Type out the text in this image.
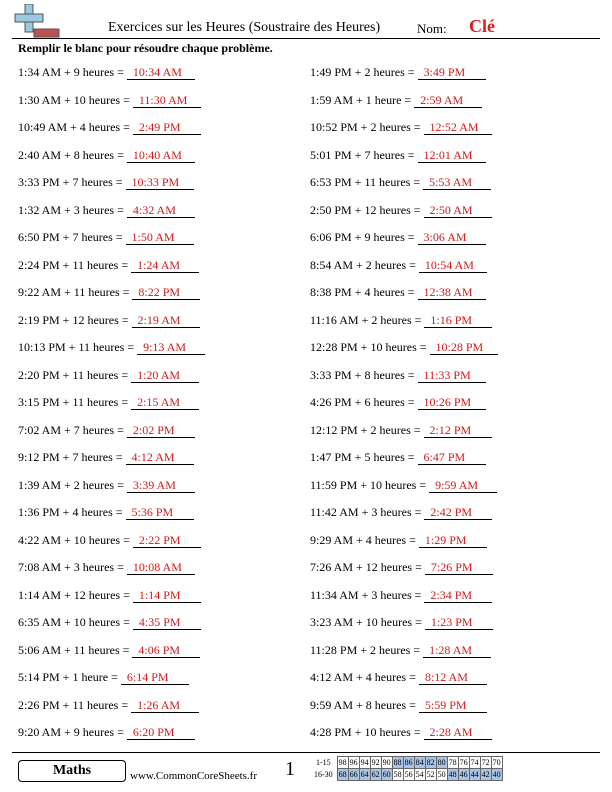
Exercices sur les Heures (Soustraire des Heures)	Nom: Clé
Remplir le blanc pour résoudre chaque problème.
1:34 AM + 9 heures = 10:34 AM
1:30 AM + 10 heures = 11:30 AM
10:49 AM + 4 heures = 2:49 PM
2:40 AM + 8 heures = 10:40 AM
3:33 PM + 7 heures = 10:33 PM
1:32 AM + 3 heures = 4:32 AM
6:50 PM + 7 heures = 1:50 AM
2:24 PM + 11 heures = 1:24 AM
9:22 AM + 11 heures = 8:22 PM
2:19 PM + 12 heures = 2:19 AM
10:13 PM + 11 heures = 9:13 AM
2:20 PM + 11 heures = 1:20 AM
3:15 PM + 11 heures = 2:15 AM
7:02 AM + 7 heures = 2:02 PM
9:12 PM + 7 heures = 4:12 AM
1:39 AM + 2 heures = 3:39 AM
1:36 PM + 4 heures = 5:36 PM
4:22 AM + 10 heures = 2:22 PM
7:08 AM + 3 heures = 10:08 AM
1:14 AM + 12 heures = 1:14 PM
6:35 AM + 10 heures = 4:35 PM
5:06 AM + 11 heures = 4:06 PM
5:14 PM + 1 heure = 6:14 PM
2:26 PM + 11 heures = 1:26 AM
9:20 AM + 9 heures = 6:20 PM
1:49 PM + 2 heures = 3:49 PM
1:59 AM + 1 heure = 2:59 AM
10:52 PM + 2 heures = 12:52 AM
5:01 PM + 7 heures = 12:01 AM
6:53 PM + 11 heures = 5:53 AM
2:50 PM + 12 heures = 2:50 AM
6:06 PM + 9 heures = 3:06 AM
8:54 AM + 2 heures = 10:54 AM
8:38 PM + 4 heures = 12:38 AM
11:16 AM + 2 heures = 1:16 PM
12:28 PM + 10 heures = 10:28 PM
3:33 PM + 8 heures = 11:33 PM
4:26 PM + 6 heures = 10:26 PM
12:12 PM + 2 heures = 2:12 PM
1:47 PM + 5 heures = 6:47 PM
11:59 PM + 10 heures = 9:59 AM
11:42 AM + 3 heures = 2:42 PM
9:29 AM + 4 heures = 1:29 PM
7:26 AM + 12 heures = 7:26 PM
11:34 AM + 3 heures = 2:34 PM
3:23 AM + 10 heures = 1:23 PM
11:28 PM + 2 heures = 1:28 AM
4:12 AM + 4 heures = 8:12 AM
9:59 AM + 8 heures = 5:59 PM
4:28 PM + 10 heures = 2:28 AM
Maths	www.CommonCoreSheets.fr 1	1-15	98	96	94	92	90	88	86	84	82	80	78	76	74	72	70
16-30	68	66	64	62	60	58	56	54	52	50	48	46	44	42	40
